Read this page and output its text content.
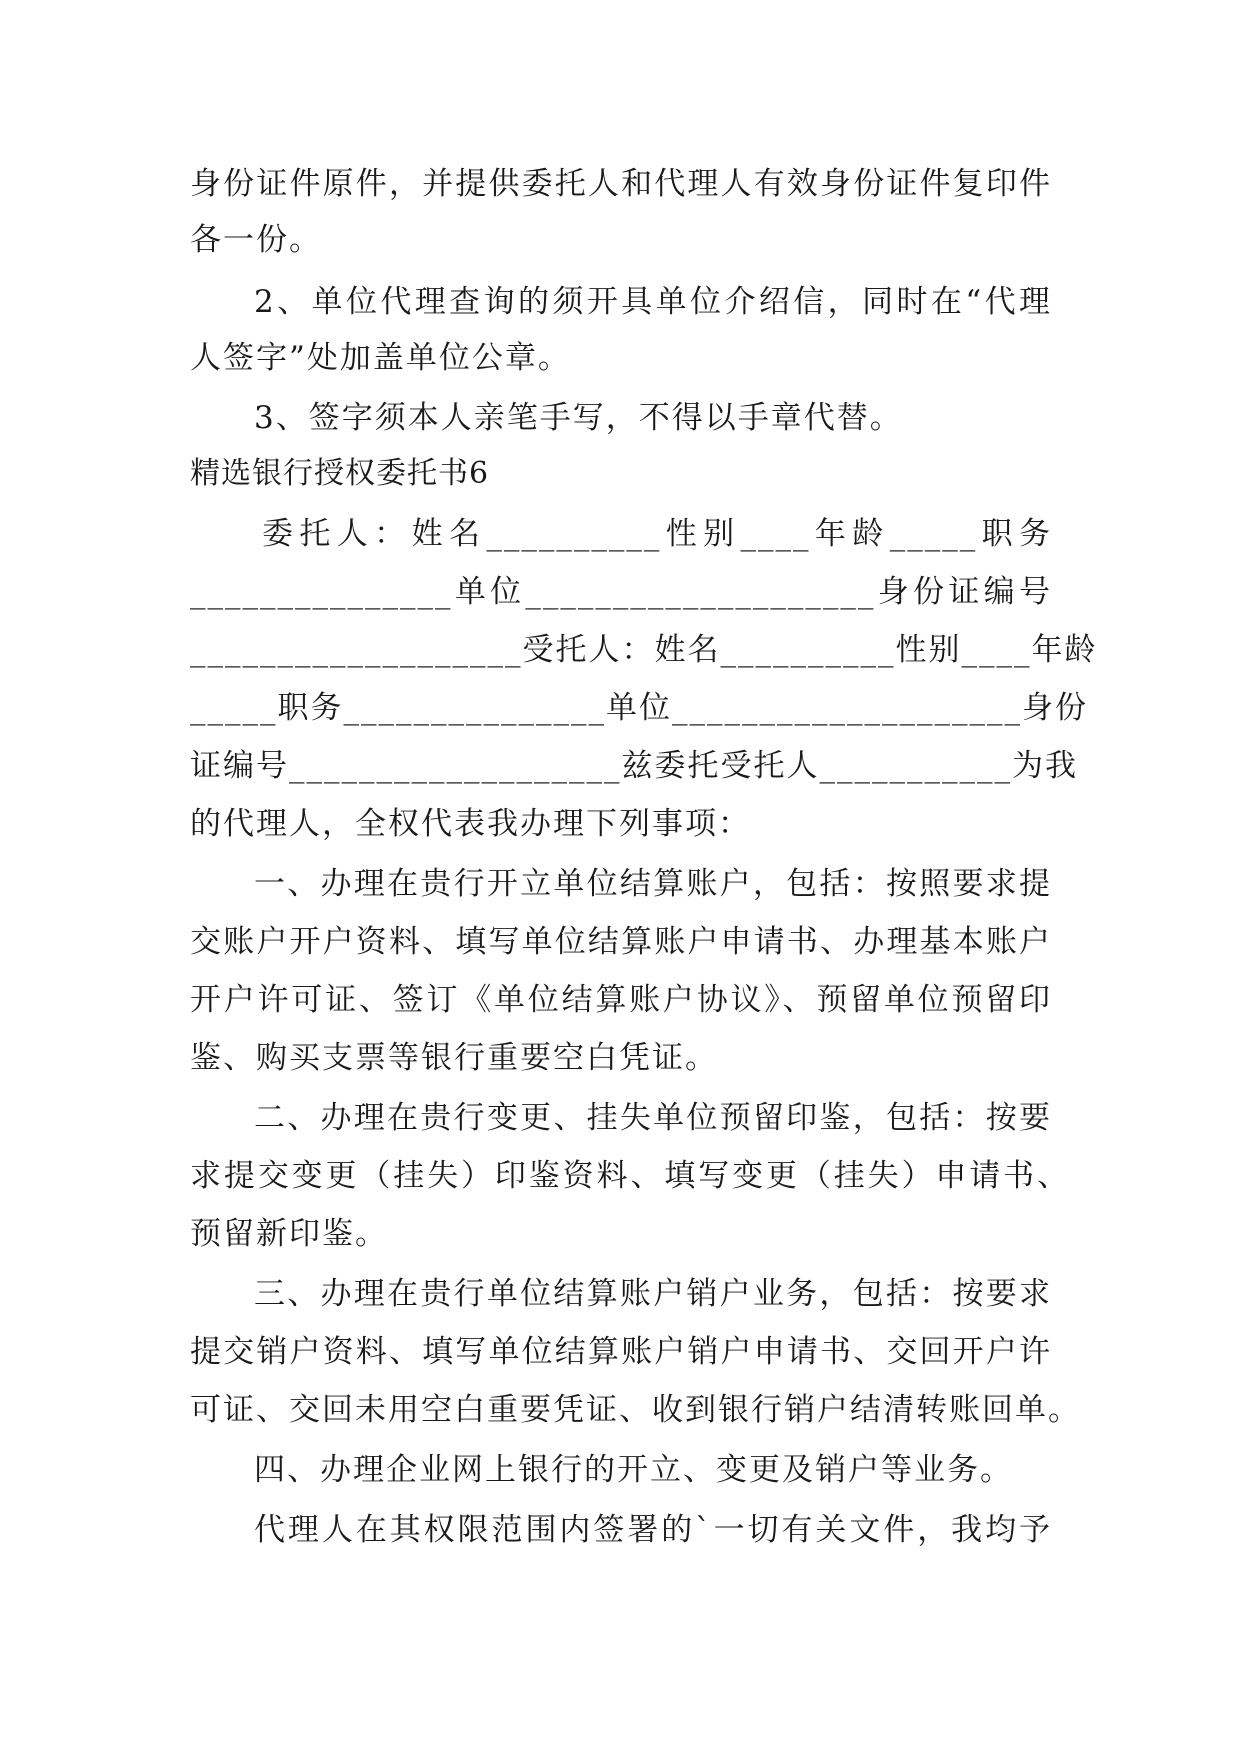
身份证件原件，并提供委托人和代理人有效身份证件复印件
各一份。
2、单位代理查询的须开具单位介绍信，同时在“代理
人签字”处加盖单位公章。
3、签字须本人亲笔手写，不得以手章代替。
精选银行授权委托书6
委托人：姓名__________性别____年龄_____职务
_______________单位____________________身份证编号
___________________受托人：姓名__________性别____年龄
_____职务_______________单位____________________身份
证编号___________________兹委托受托人___________为我
的代理人，全权代表我办理下列事项：
一、办理在贵行开立单位结算账户，包括：按照要求提
交账户开户资料、填写单位结算账户申请书、办理基本账户
开户许可证、签订《单位结算账户协议》、预留单位预留印
鉴、购买支票等银行重要空白凭证。
二、办理在贵行变更、挂失单位预留印鉴，包括：按要
求提交变更（挂失）印鉴资料、填写变更（挂失）申请书、
预留新印鉴。
三、办理在贵行单位结算账户销户业务，包括：按要求
提交销户资料、填写单位结算账户销户申请书、交回开户许
可证、交回未用空白重要凭证、收到银行销户结清转账回单。
四、办理企业网上银行的开立、变更及销户等业务。
代理人在其权限范围内签署的`一切有关文件，我均予
